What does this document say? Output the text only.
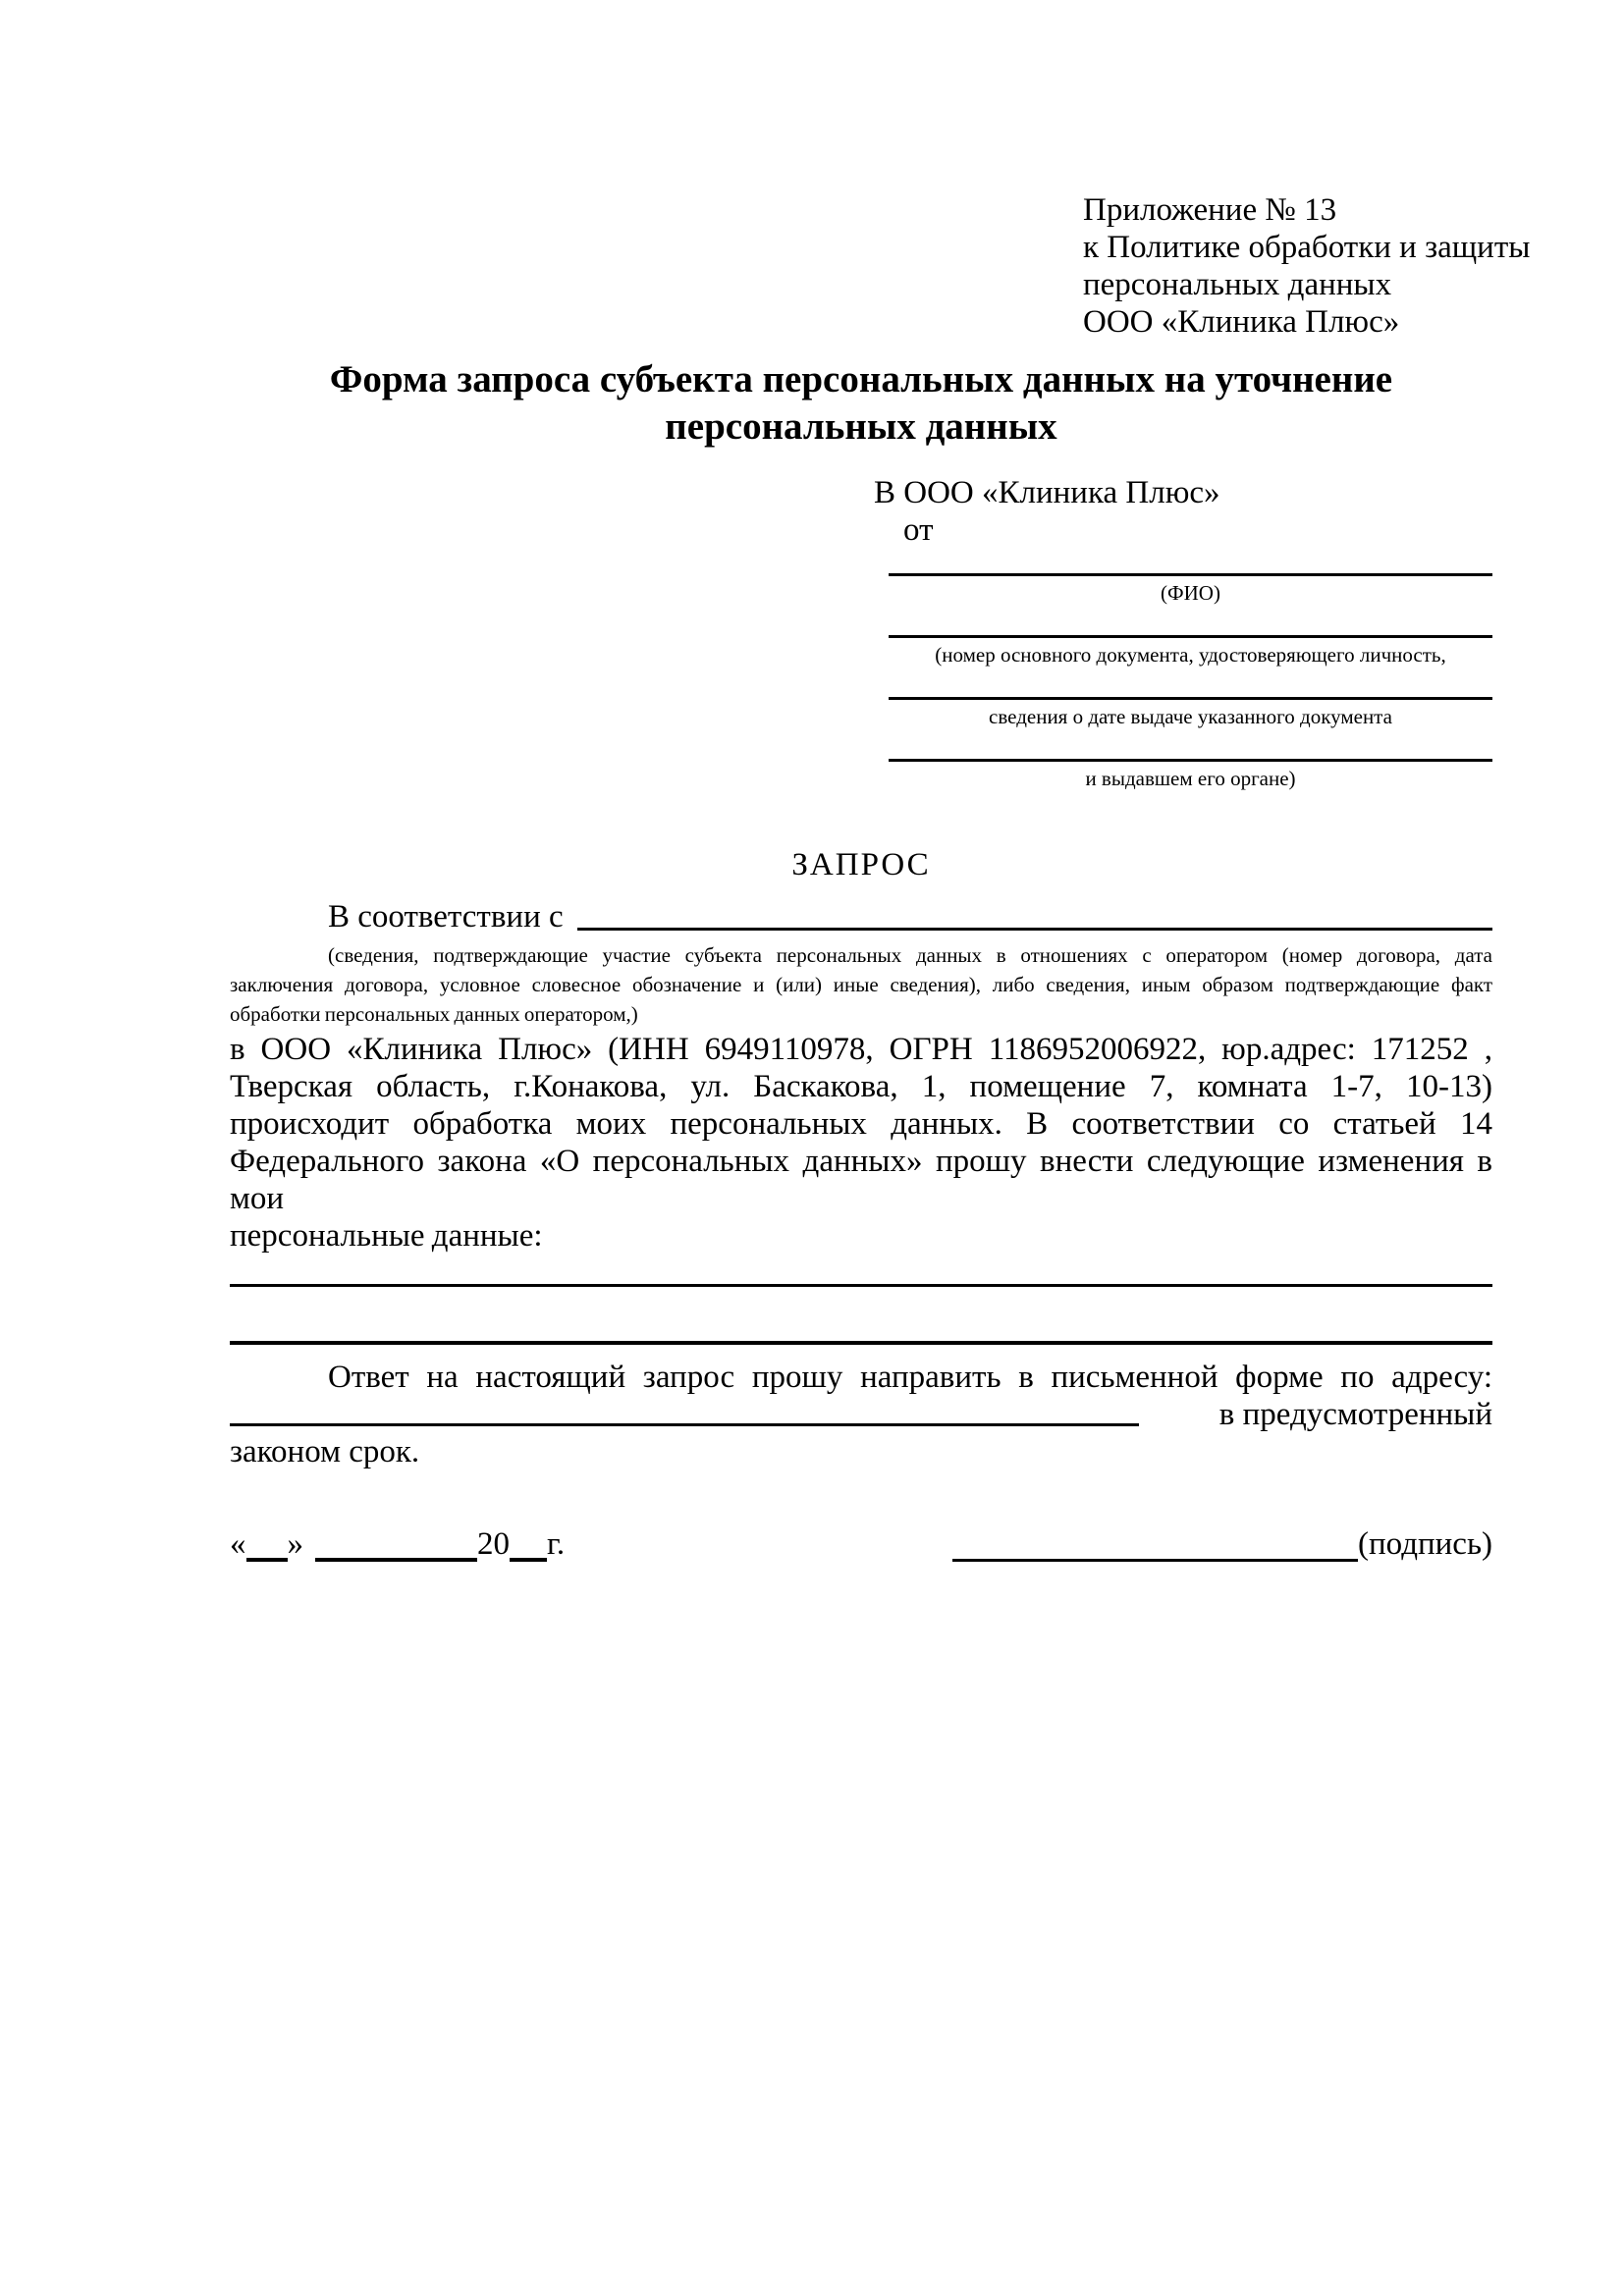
Приложение № 13
к Политике обработки и защиты
персональных данных
ООО «Клиника Плюс»
Форма запроса субъекта персональных данных на уточнение
персональных данных
В ООО «Клиника Плюс»
от
(ФИО)
(номер основного документа, удостоверяющего личность,
сведения о дате выдаче указанного документа
и выдавшем его органе)
ЗАПРОС
В соответствии с
(сведения, подтверждающие участие субъекта персональных данных в отношениях с оператором (номер договора, дата
заключения договора, условное словесное обозначение и (или) иные сведения), либо сведения, иным образом подтверждающие факт
обработки персональных данных оператором,)
в ООО «Клиника Плюс» (ИНН 6949110978, ОГРН 1186952006922, юр.адрес: 171252 ,
Тверская область, г.Конакова, ул. Баскакова, 1, помещение 7, комната 1-7, 10-13)
происходит обработка моих персональных данных. В соответствии со статьей 14
Федерального закона «О персональных данных» прошу внести следующие изменения в мои
персональные данные:
Ответ на настоящий запрос прошу направить в письменной форме по адресу:
в предусмотренный
законом срок.
« »	20 г.	(подпись)
